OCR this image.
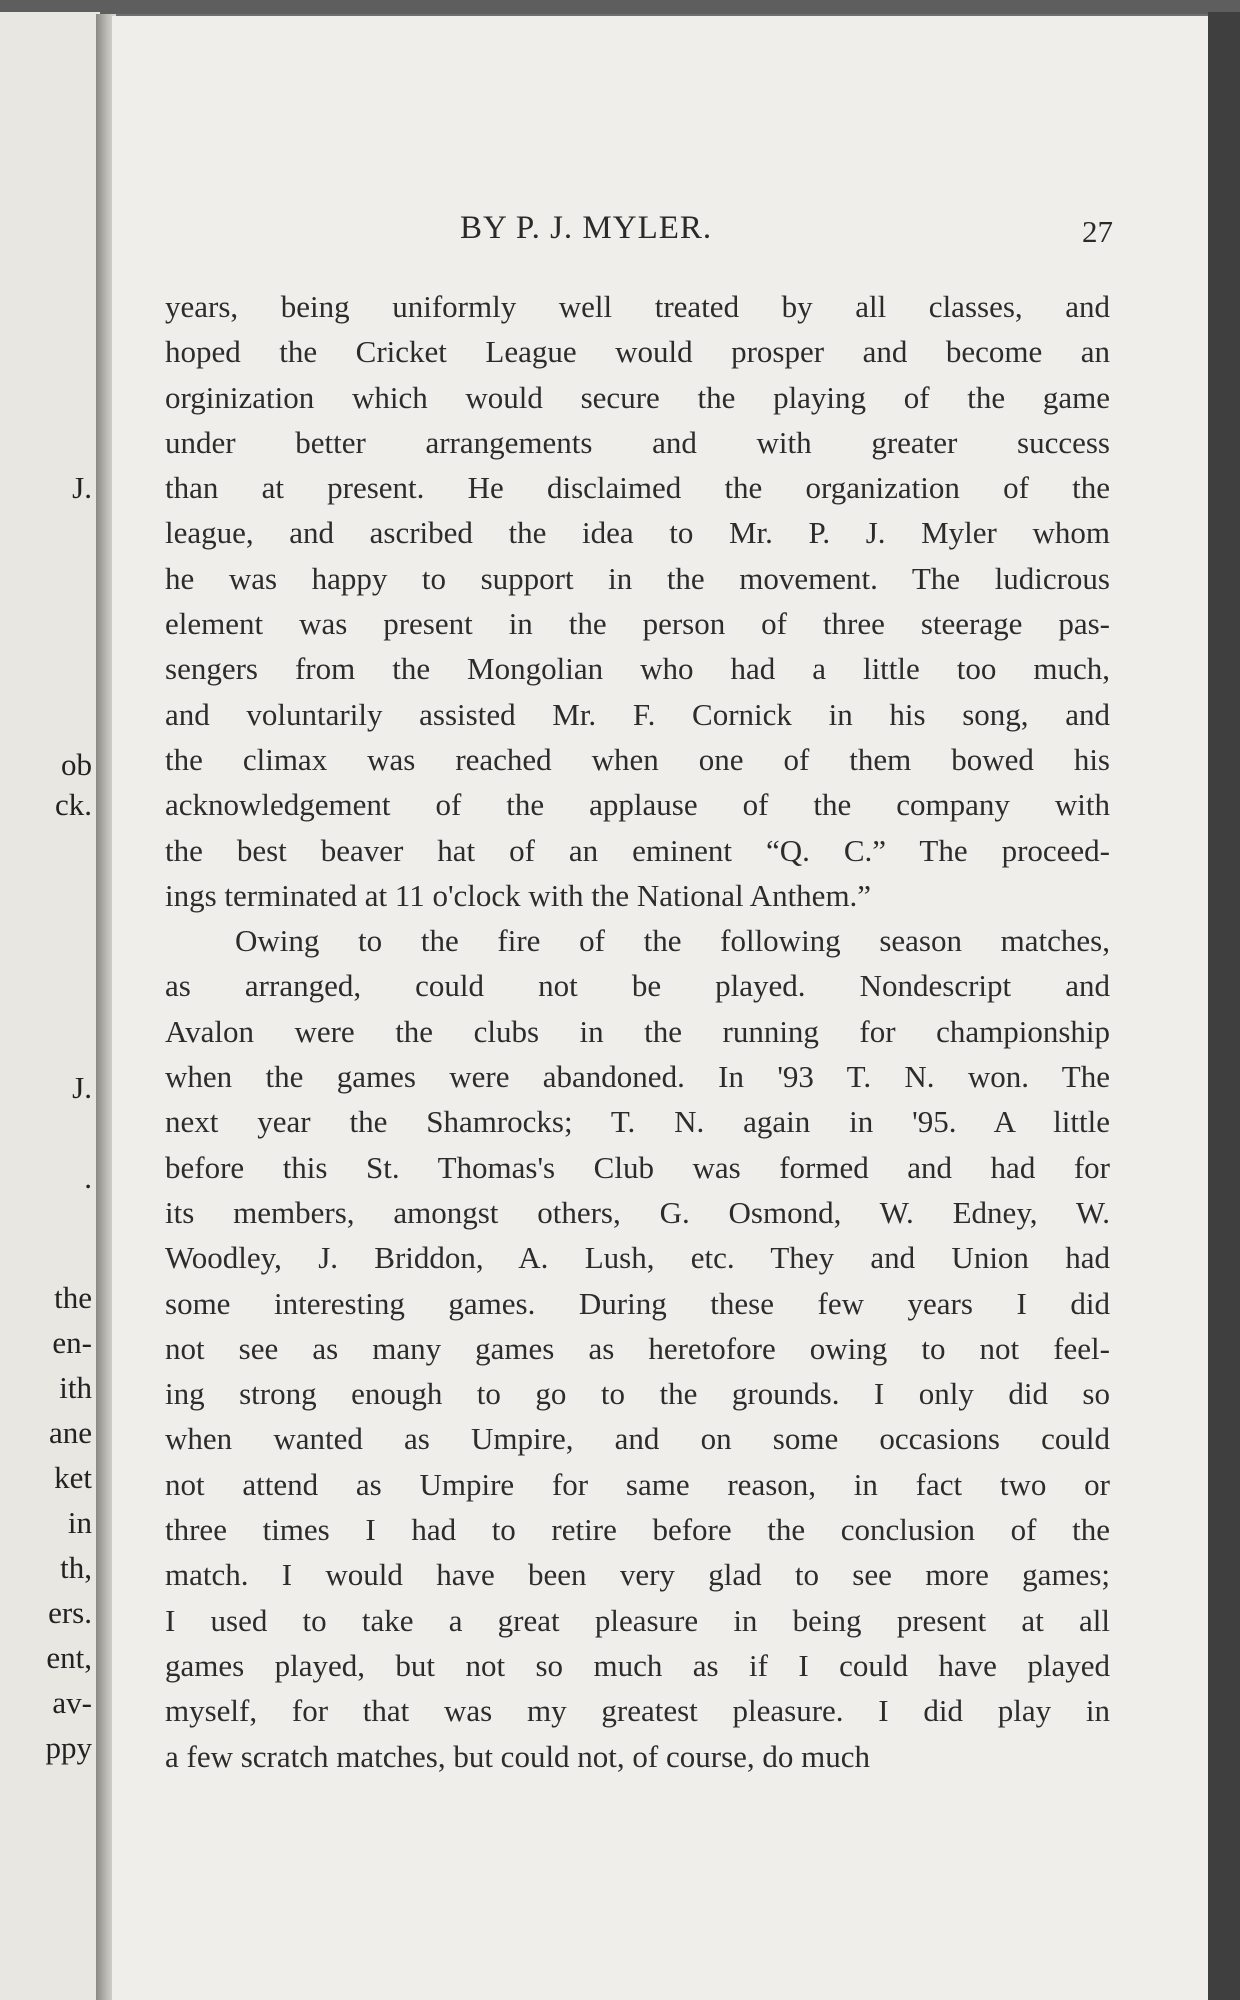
J.
ob
ck.
J.
.
the
en-
ith
ane
ket
in
th,
ers.
ent,
av-
ppy
BY P. J. MYLER.	27

years, being uniformly well treated by all classes, and
hoped the Cricket League would prosper and become an
orginization which would secure the playing of the game
under better arrangements and with greater success
than at present. He disclaimed the organization of the
league, and ascribed the idea to Mr. P. J. Myler whom
he was happy to support in the movement. The ludicrous
element was present in the person of three steerage pas-
sengers from the Mongolian who had a little too much,
and voluntarily assisted Mr. F. Cornick in his song, and
the climax was reached when one of them bowed his
acknowledgement of the applause of the company with
the best beaver hat of an eminent “Q. C.” The proceed-
ings terminated at 11 o'clock with the National Anthem.”

Owing to the fire of the following season matches,
as arranged, could not be played. Nondescript and
Avalon were the clubs in the running for championship
when the games were abandoned. In '93 T. N. won. The
next year the Shamrocks; T. N. again in '95. A little
before this St. Thomas's Club was formed and had for
its members, amongst others, G. Osmond, W. Edney, W.
Woodley, J. Briddon, A. Lush, etc. They and Union had
some interesting games. During these few years I did
not see as many games as heretofore owing to not feel-
ing strong enough to go to the grounds. I only did so
when wanted as Umpire, and on some occasions could
not attend as Umpire for same reason, in fact two or
three times I had to retire before the conclusion of the
match. I would have been very glad to see more games;
I used to take a great pleasure in being present at all
games played, but not so much as if I could have played
myself, for that was my greatest pleasure. I did play in
a few scratch matches, but could not, of course, do much
